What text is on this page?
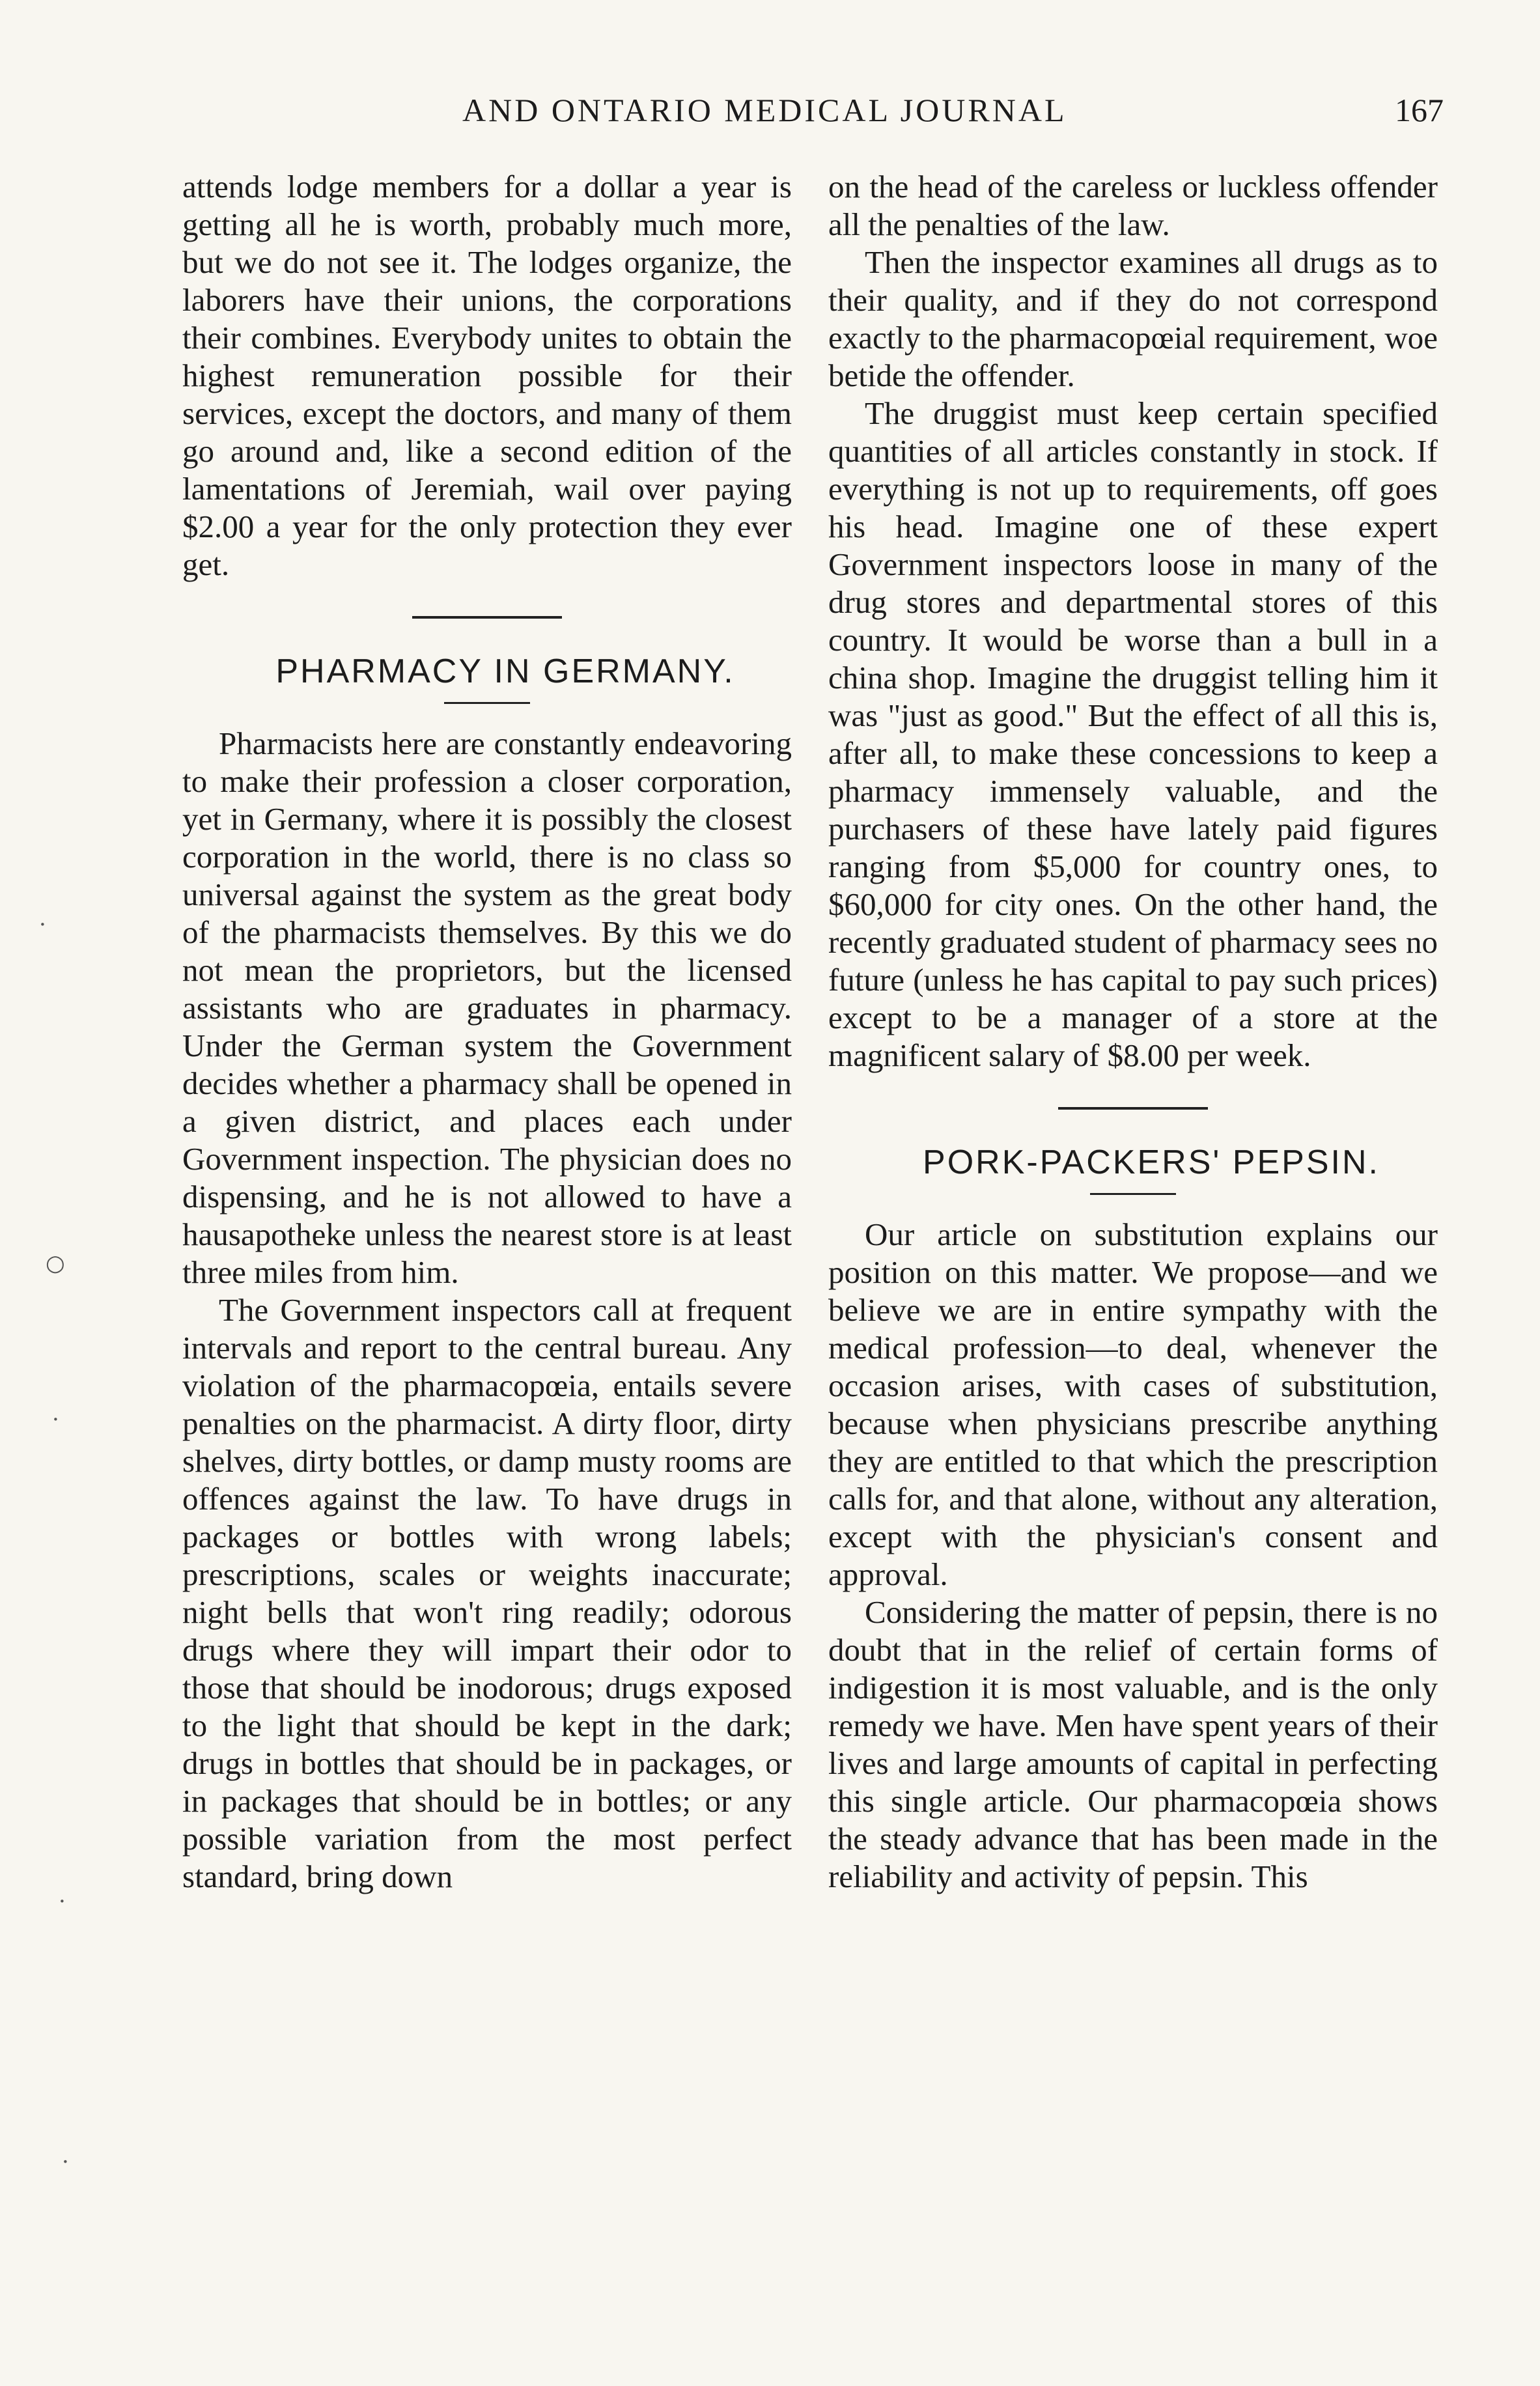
AND ONTARIO MEDICAL JOURNAL	167

attends lodge members for a dollar a year is getting all he is worth, probably much more, but we do not see it. The lodges organize, the laborers have their unions, the corporations their combines. Everybody unites to obtain the highest remuneration possible for their services, except the doctors, and many of them go around and, like a second edition of the lamentations of Jeremiah, wail over paying $2.00 a year for the only protection they ever get.

PHARMACY IN GERMANY.

Pharmacists here are constantly endeavoring to make their profession a closer corporation, yet in Germany, where it is possibly the closest corporation in the world, there is no class so universal against the system as the great body of the pharmacists themselves. By this we do not mean the proprietors, but the licensed assistants who are graduates in pharmacy. Under the German system the Government decides whether a pharmacy shall be opened in a given district, and places each under Government inspection. The physician does no dispensing, and he is not allowed to have a hausapotheke unless the nearest store is at least three miles from him.

The Government inspectors call at frequent intervals and report to the central bureau. Any violation of the pharmacopœia, entails severe penalties on the pharmacist. A dirty floor, dirty shelves, dirty bottles, or damp musty rooms are offences against the law. To have drugs in packages or bottles with wrong labels; prescriptions, scales or weights inaccurate; night bells that won't ring readily; odorous drugs where they will impart their odor to those that should be inodorous; drugs exposed to the light that should be kept in the dark; drugs in bottles that should be in packages, or in packages that should be in bottles; or any possible variation from the most perfect standard, bring down

on the head of the careless or luckless offender all the penalties of the law.

Then the inspector examines all drugs as to their quality, and if they do not correspond exactly to the pharmacopœial requirement, woe betide the offender.

The druggist must keep certain specified quantities of all articles constantly in stock. If everything is not up to requirements, off goes his head. Imagine one of these expert Government inspectors loose in many of the drug stores and departmental stores of this country. It would be worse than a bull in a china shop. Imagine the druggist telling him it was "just as good." But the effect of all this is, after all, to make these concessions to keep a pharmacy immensely valuable, and the purchasers of these have lately paid figures ranging from $5,000 for country ones, to $60,000 for city ones. On the other hand, the recently graduated student of pharmacy sees no future (unless he has capital to pay such prices) except to be a manager of a store at the magnificent salary of $8.00 per week.

PORK-PACKERS' PEPSIN.

Our article on substitution explains our position on this matter. We propose—and we believe we are in entire sympathy with the medical profession—to deal, whenever the occasion arises, with cases of substitution, because when physicians prescribe anything they are entitled to that which the prescription calls for, and that alone, without any alteration, except with the physician's consent and approval.

Considering the matter of pepsin, there is no doubt that in the relief of certain forms of indigestion it is most valuable, and is the only remedy we have. Men have spent years of their lives and large amounts of capital in perfecting this single article. Our pharmacopœia shows the steady advance that has been made in the reliability and activity of pepsin. This

·
○
·
·
·
